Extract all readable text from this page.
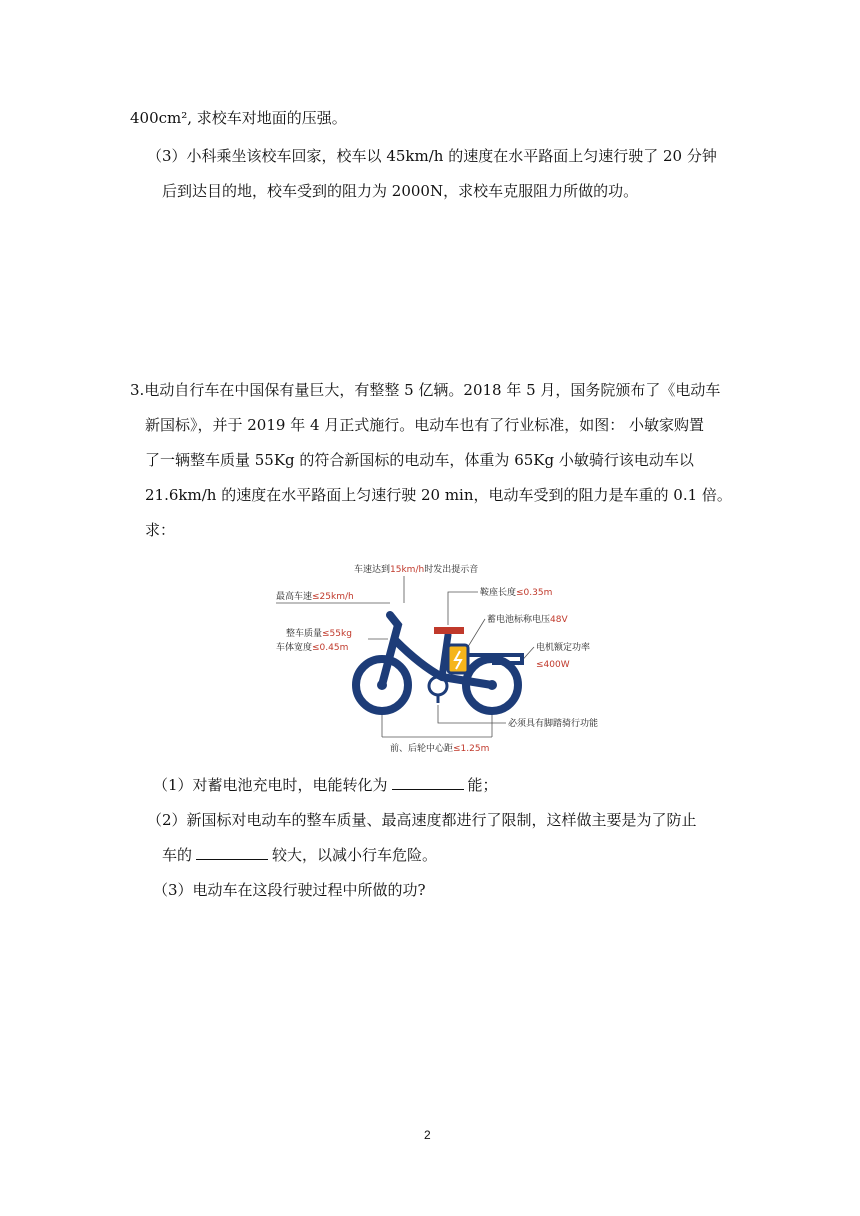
400cm², 求校车对地面的压强。
（3）小科乘坐该校车回家，校车以 45km/h 的速度在水平路面上匀速行驶了 20 分钟
后到达目的地，校车受到的阻力为 2000N，求校车克服阻力所做的功。
3.电动自行车在中国保有量巨大，有整整 5 亿辆。2018 年 5 月，国务院颁布了《电动车
新国标》，并于 2019 年 4 月正式施行。电动车也有了行业标准，如图： 小敏家购置
了一辆整车质量 55Kg 的符合新国标的电动车，体重为 65Kg 小敏骑行该电动车以
21.6km/h 的速度在水平路面上匀速行驶 20 min，电动车受到的阻力是车重的 0.1 倍。
求：
车速达到15km/h时发出提示音
最高车速≤25km/h
整车质量≤55kg
车体宽度≤0.45m
鞍座长度≤0.35m
蓄电池标称电压48V
电机额定功率
≤400W
必须具有脚踏骑行功能
前、后轮中心距≤1.25m
（1）对蓄电池充电时，电能转化为	能；
（2）新国标对电动车的整车质量、最高速度都进行了限制，这样做主要是为了防止
车的	较大，以减小行车危险。
（3）电动车在这段行驶过程中所做的功?
2
